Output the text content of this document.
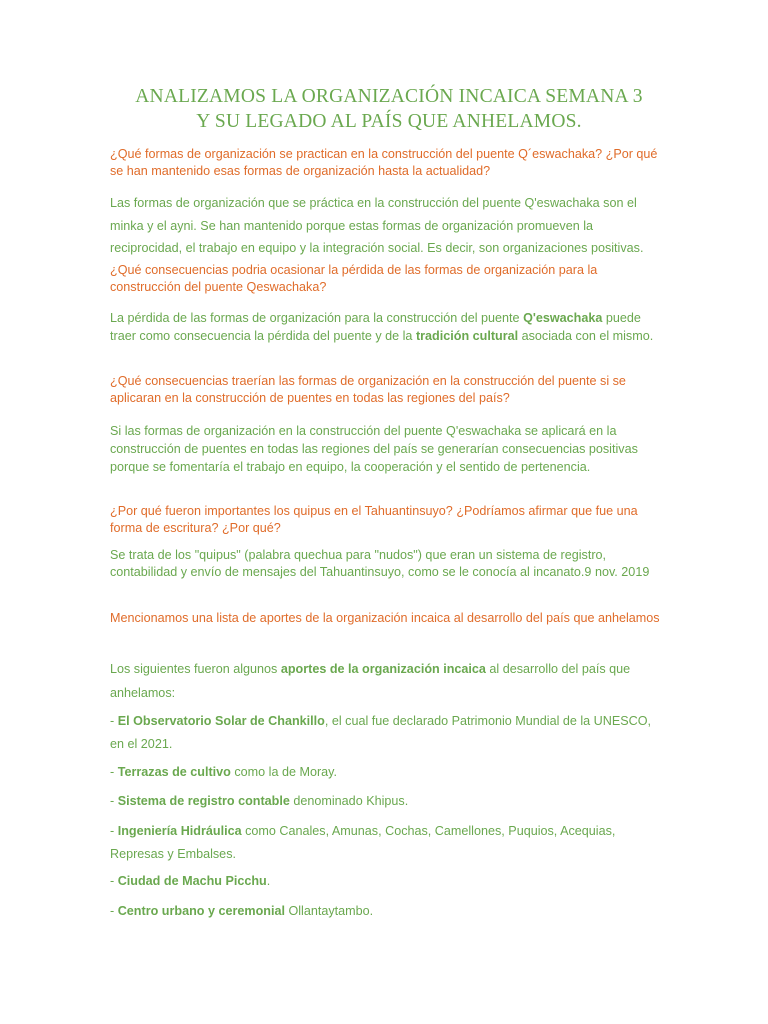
ANALIZAMOS LA ORGANIZACIÓN INCAICA SEMANA 3
Y SU LEGADO AL PAÍS QUE ANHELAMOS.

¿Qué formas de organización se practican en la construcción del puente Q´eswachaka? ¿Por qué se han mantenido esas formas de organización hasta la actualidad?

Las formas de organización que se práctica en la construcción del puente Q'eswachaka son el minka y el ayni. Se han mantenido porque estas formas de organización promueven la reciprocidad, el trabajo en equipo y la integración social. Es decir, son organizaciones positivas.

¿Qué consecuencias podria ocasionar la pérdida de las formas de organización para la construcción del puente Qeswachaka?

La pérdida de las formas de organización para la construcción del puente Q'eswachaka puede traer como consecuencia la pérdida del puente y de la tradición cultural asociada con el mismo.

¿Qué consecuencias traerían las formas de organización en la construcción del puente si se aplicaran en la construcción de puentes en todas las regiones del país?

Si las formas de organización en la construcción del puente Q'eswachaka se aplicará en la construcción de puentes en todas las regiones del país se generarían consecuencias positivas porque se fomentaría el trabajo en equipo, la cooperación y el sentido de pertenencia.

¿Por qué fueron importantes los quipus en el Tahuantinsuyo? ¿Podríamos afirmar que fue una forma de escritura? ¿Por qué?

Se trata de los "quipus" (palabra quechua para "nudos") que eran un sistema de registro, contabilidad y envío de mensajes del Tahuantinsuyo, como se le conocía al incanato.9 nov. 2019

Mencionamos una lista de aportes de la organización incaica al desarrollo del país que anhelamos

Los siguientes fueron algunos aportes de la organización incaica al desarrollo del país que anhelamos:

- El Observatorio Solar de Chankillo, el cual fue declarado Patrimonio Mundial de la UNESCO, en el 2021.

- Terrazas de cultivo como la de Moray.

- Sistema de registro contable denominado Khipus.

- Ingeniería Hidráulica como Canales, Amunas, Cochas, Camellones, Puquios, Acequias, Represas y Embalses.

- Ciudad de Machu Picchu.

- Centro urbano y ceremonial Ollantaytambo.
